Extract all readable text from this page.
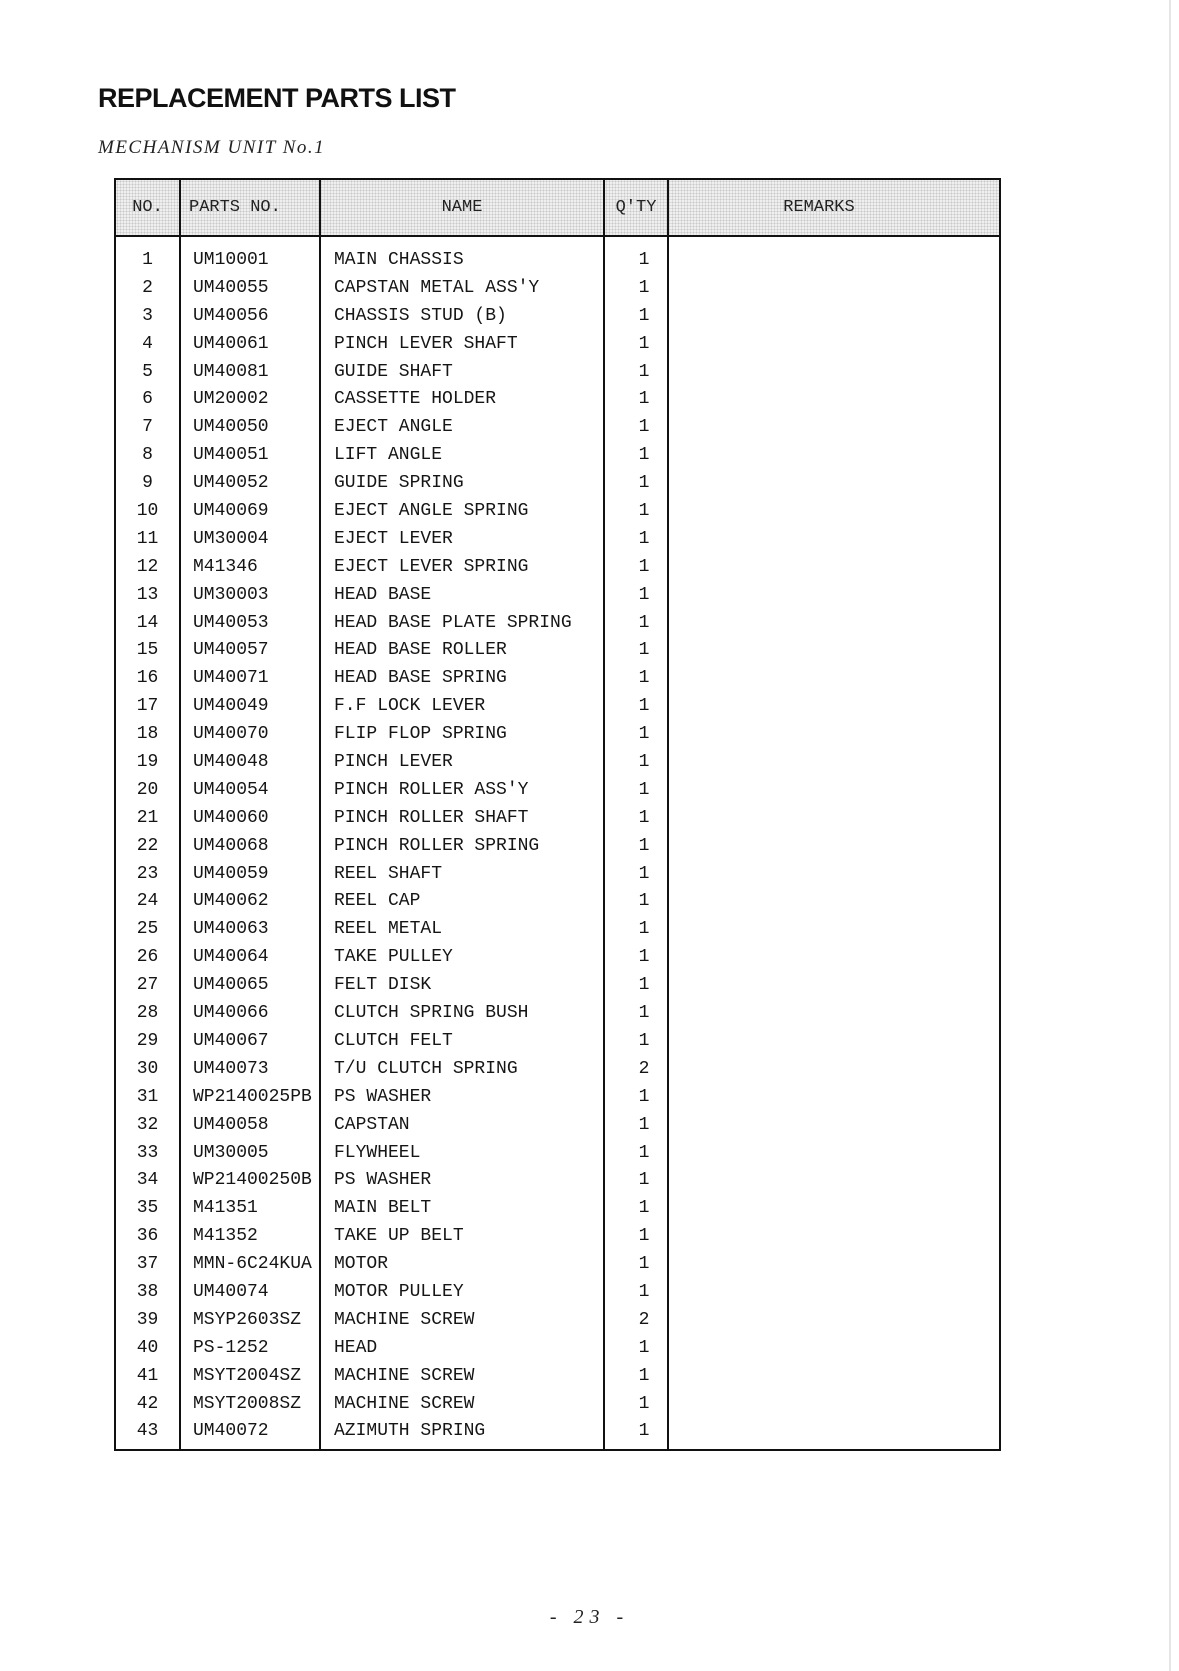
REPLACEMENT PARTS LIST
MECHANISM UNIT No.1
NO.	PARTS NO.	NAME	Q'TY	REMARKS
1	UM10001	MAIN CHASSIS	1
2	UM40055	CAPSTAN METAL ASS'Y	1
3	UM40056	CHASSIS STUD (B)	1
4	UM40061	PINCH LEVER SHAFT	1
5	UM40081	GUIDE SHAFT	1
6	UM20002	CASSETTE HOLDER	1
7	UM40050	EJECT ANGLE	1
8	UM40051	LIFT ANGLE	1
9	UM40052	GUIDE SPRING	1
10	UM40069	EJECT ANGLE SPRING	1
11	UM30004	EJECT LEVER	1
12	M41346	EJECT LEVER SPRING	1
13	UM30003	HEAD BASE	1
14	UM40053	HEAD BASE PLATE SPRING	1
15	UM40057	HEAD BASE ROLLER	1
16	UM40071	HEAD BASE SPRING	1
17	UM40049	F.F LOCK LEVER	1
18	UM40070	FLIP FLOP SPRING	1
19	UM40048	PINCH LEVER	1
20	UM40054	PINCH ROLLER ASS'Y	1
21	UM40060	PINCH ROLLER SHAFT	1
22	UM40068	PINCH ROLLER SPRING	1
23	UM40059	REEL SHAFT	1
24	UM40062	REEL CAP	1
25	UM40063	REEL METAL	1
26	UM40064	TAKE PULLEY	1
27	UM40065	FELT DISK	1
28	UM40066	CLUTCH SPRING BUSH	1
29	UM40067	CLUTCH FELT	1
30	UM40073	T/U CLUTCH SPRING	2
31	WP2140025PB PS WASHER	1
32	UM40058	CAPSTAN	1
33	UM30005	FLYWHEEL	1
34	WP21400250B PS WASHER	1
35	M41351	MAIN BELT	1
36	M41352	TAKE UP BELT	1
37	MMN-6C24KUA MOTOR	1
38	UM40074	MOTOR PULLEY	1
39	MSYP2603SZ MACHINE SCREW	2
40	PS-1252	HEAD	1
41	MSYT2004SZ MACHINE SCREW	1
42	MSYT2008SZ MACHINE SCREW	1
43	UM40072	AZIMUTH SPRING	1
- 23 -
